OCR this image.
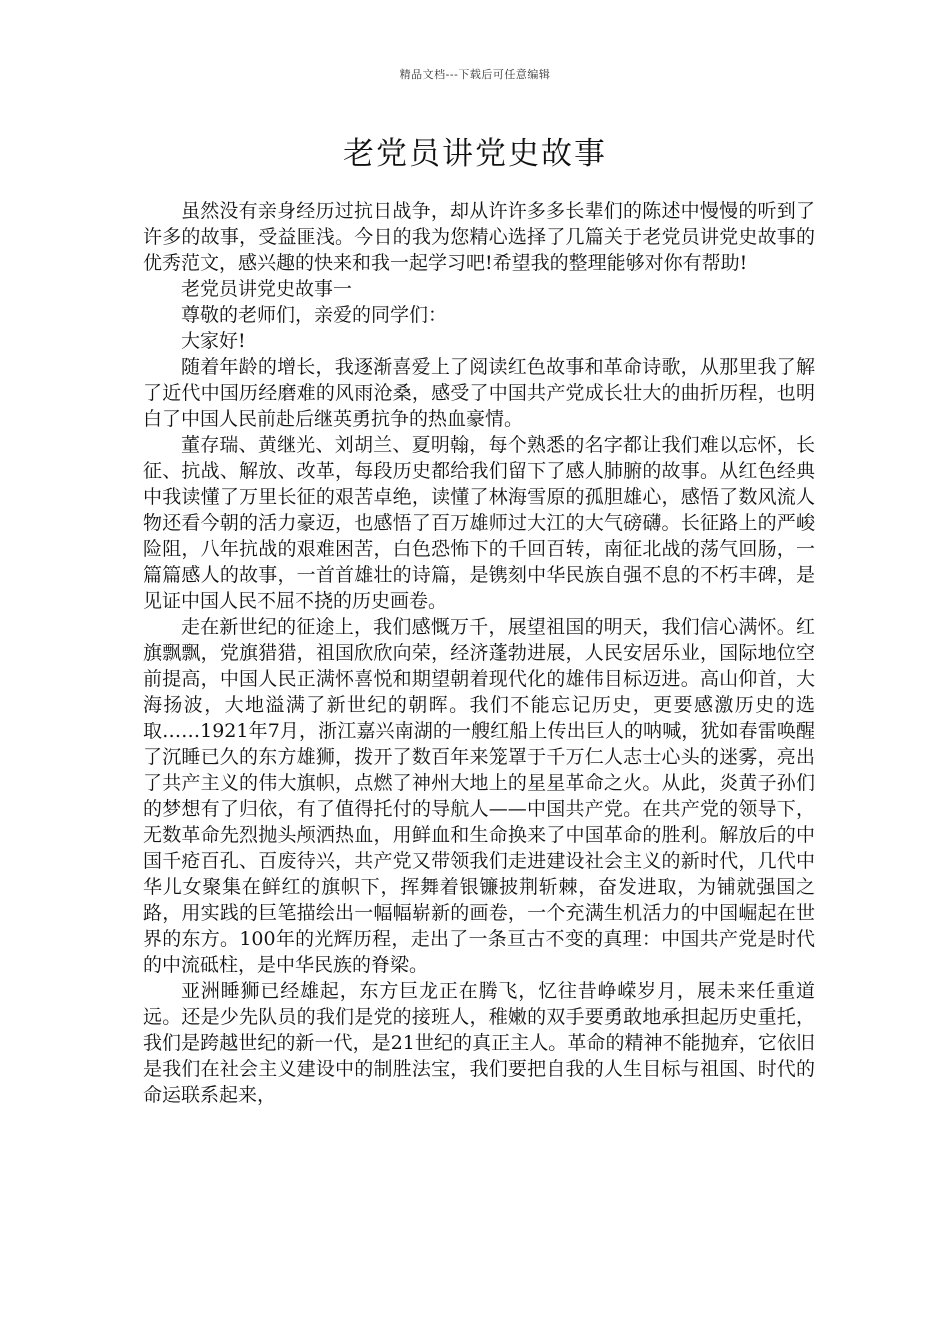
精品文档---下载后可任意编辑
老党员讲党史故事

虽然没有亲身经历过抗日战争，却从许许多多长辈们的陈述中慢慢的听到了许多的故事，受益匪浅。今日的我为您精心选择了几篇关于老党员讲党史故事的优秀范文，感兴趣的快来和我一起学习吧!希望我的整理能够对你有帮助!

老党员讲党史故事一

尊敬的老师们，亲爱的同学们：

大家好!

随着年龄的增长，我逐渐喜爱上了阅读红色故事和革命诗歌，从那里我了解了近代中国历经磨难的风雨沧桑，感受了中国共产党成长壮大的曲折历程，也明白了中国人民前赴后继英勇抗争的热血豪情。

董存瑞、黄继光、刘胡兰、夏明翰，每个熟悉的名字都让我们难以忘怀，长征、抗战、解放、改革，每段历史都给我们留下了感人肺腑的故事。从红色经典中我读懂了万里长征的艰苦卓绝，读懂了林海雪原的孤胆雄心，感悟了数风流人物还看今朝的活力豪迈，也感悟了百万雄师过大江的大气磅礴。长征路上的严峻险阻，八年抗战的艰难困苦，白色恐怖下的千回百转，南征北战的荡气回肠，一篇篇感人的故事，一首首雄壮的诗篇，是镌刻中华民族自强不息的不朽丰碑，是见证中国人民不屈不挠的历史画卷。

走在新世纪的征途上，我们感慨万千，展望祖国的明天，我们信心满怀。红旗飘飘，党旗猎猎，祖国欣欣向荣，经济蓬勃进展，人民安居乐业，国际地位空前提高，中国人民正满怀喜悦和期望朝着现代化的雄伟目标迈进。高山仰首，大海扬波，大地溢满了新世纪的朝晖。我们不能忘记历史，更要感激历史的选取……1921年7月，浙江嘉兴南湖的一艘红船上传出巨人的呐喊，犹如春雷唤醒了沉睡已久的东方雄狮，拨开了数百年来笼罩于千万仁人志士心头的迷雾，亮出了共产主义的伟大旗帜，点燃了神州大地上的星星革命之火。从此，炎黄子孙们的梦想有了归依，有了值得托付的导航人——中国共产党。在共产党的领导下，无数革命先烈抛头颅洒热血，用鲜血和生命换来了中国革命的胜利。解放后的中国千疮百孔、百废待兴，共产党又带领我们走进建设社会主义的新时代，几代中华儿女聚集在鲜红的旗帜下，挥舞着银镰披荆斩棘，奋发进取，为铺就强国之路，用实践的巨笔描绘出一幅幅崭新的画卷，一个充满生机活力的中国崛起在世界的东方。100年的光辉历程，走出了一条亘古不变的真理：中国共产党是时代的中流砥柱，是中华民族的脊梁。

亚洲睡狮已经雄起，东方巨龙正在腾飞，忆往昔峥嵘岁月，展未来任重道远。还是少先队员的我们是党的接班人，稚嫩的双手要勇敢地承担起历史重托，我们是跨越世纪的新一代，是21世纪的真正主人。革命的精神不能抛弃，它依旧是我们在社会主义建设中的制胜法宝，我们要把自我的人生目标与祖国、时代的命运联系起来，
